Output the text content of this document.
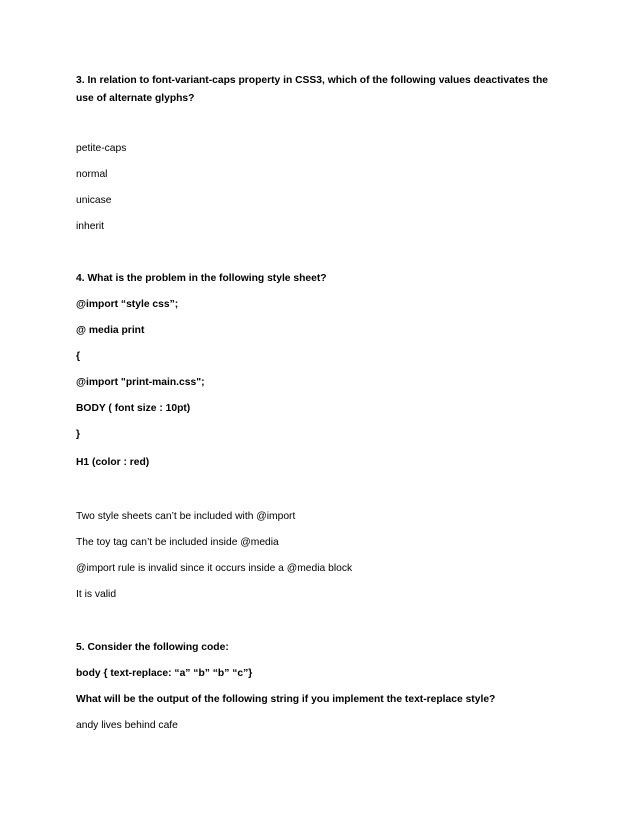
3. In relation to font-variant-caps property in CSS3, which of the following values deactivates the
use of alternate glyphs?
petite-caps
normal
unicase
inherit
4. What is the problem in the following style sheet?
@import “style css”;
@ media print
{
@import "print-main.css";
BODY ( font size : 10pt)
}
H1 (color : red)
Two style sheets can’t be included with @import
The toy tag can’t be included inside @media
@import rule is invalid since it occurs inside a @media block
It is valid
5. Consider the following code:
body { text-replace: “a” “b” “b” “c”}
What will be the output of the following string if you implement the text-replace style?
andy lives behind cafe
